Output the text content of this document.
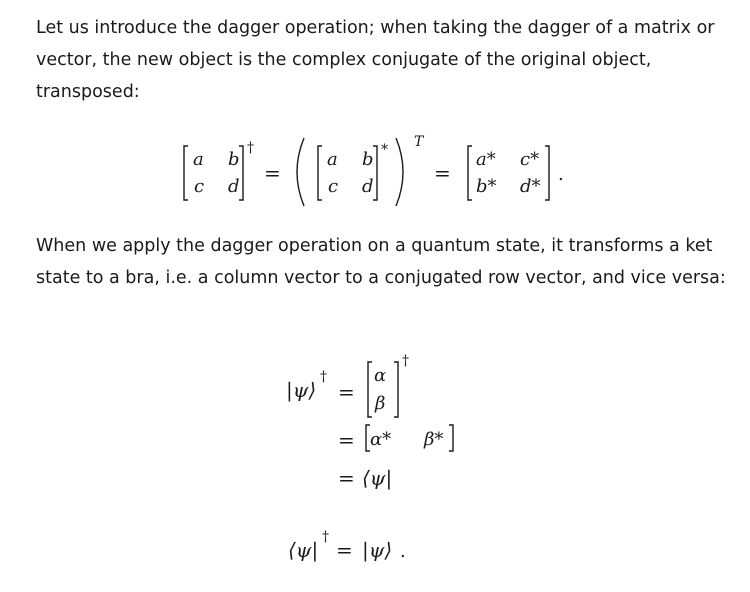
Let us introduce the dagger operation; when taking the dagger of a matrix or vector, the new object is the complex conjugate of the original object, transposed:

a b
c d
†
=
a b
c d
* T
=
a* c*
b* d*
.

When we apply the dagger operation on a quantum state, it transforms a ket state to a bra, i.e. a column vector to a conjugated row vector, and vice versa:

|ψ⟩
†
=
α
β
†
= α* β*
= ⟨ψ|
⟨ψ|
†
= |ψ⟩ .
